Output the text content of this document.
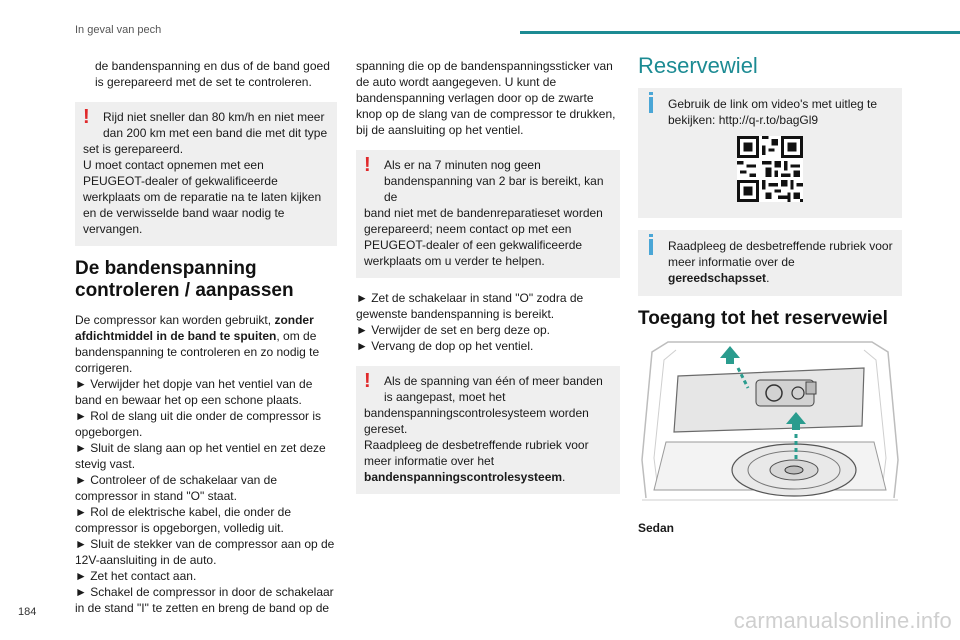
In geval van pech

de bandenspanning en dus of de band goed is gerepareerd met de set te controleren.

!	Rijd niet sneller dan 80 km/h en niet meer dan 200 km met een band die met dit type

set is gerepareerd.

U moet contact opnemen met een PEUGEOT-dealer of gekwalificeerde werkplaats om de reparatie na te laten kijken en de verwisselde band waar nodig te vervangen.

De bandenspanning controleren / aanpassen

De compressor kan worden gebruikt, zonder afdichtmiddel in de band te spuiten, om de bandenspanning te controleren en zo nodig te corrigeren.

► Verwijder het dopje van het ventiel van de band en bewaar het op een schone plaats.

► Rol de slang uit die onder de compressor is opgeborgen.

► Sluit de slang aan op het ventiel en zet deze stevig vast.

► Controleer of de schakelaar van de compressor in stand "O" staat.

► Rol de elektrische kabel, die onder de compressor is opgeborgen, volledig uit.

► Sluit de stekker van de compressor aan op de 12V-aansluiting in de auto.

► Zet het contact aan.

► Schakel de compressor in door de schakelaar in de stand "I" te zetten en breng de band op de

spanning die op de bandenspanningssticker van de auto wordt aangegeven. U kunt de bandenspanning verlagen door op de zwarte knop op de slang van de compressor te drukken, bij de aansluiting op het ventiel.

!	Als er na 7 minuten nog geen bandenspanning van 2 bar is bereikt, kan de

band niet met de bandenreparatieset worden gerepareerd; neem contact op met een PEUGEOT-dealer of een gekwalificeerde werkplaats om u verder te helpen.

► Zet de schakelaar in stand "O" zodra de gewenste bandenspanning is bereikt.

► Verwijder de set en berg deze op.

► Vervang de dop op het ventiel.

!	Als de spanning van één of meer banden is aangepast, moet het

bandenspanningscontrolesysteem worden gereset.

Raadpleeg de desbetreffende rubriek voor meer informatie over het bandenspanningscontrolesysteem.

Reservewiel

Gebruik de link om video's met uitleg te bekijken: http://q-r.to/bagGl9

Raadpleeg de desbetreffende rubriek voor meer informatie over de gereedschapsset.

Toegang tot het reservewiel
Sedan
184	carmanualsonline.info
